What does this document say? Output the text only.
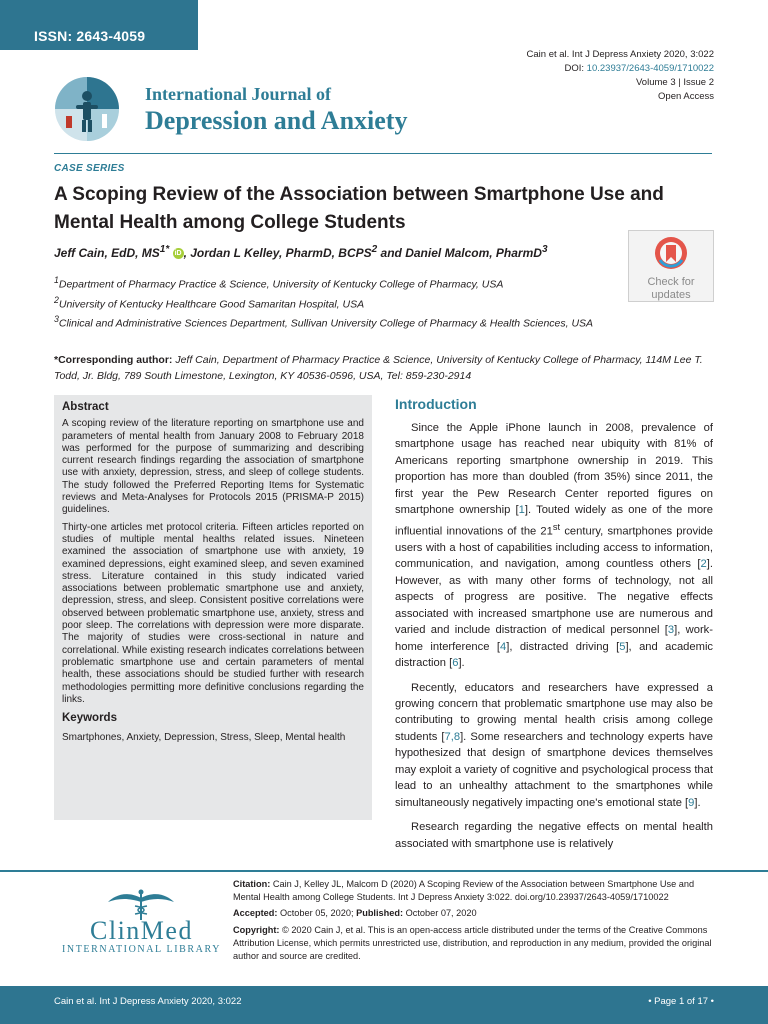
ISSN: 2643-4059
Cain et al. Int J Depress Anxiety 2020, 3:022
DOI: 10.23937/2643-4059/1710022
Volume 3 | Issue 2
Open Access
International Journal of
Depression and Anxiety
CASE SERIES
A Scoping Review of the Association between Smartphone Use and Mental Health among College Students
Jeff Cain, EdD, $MS^{1*}$ iD , Jordan L Kelley, PharmD, BCPS$^2$ and Daniel Malcom, PharmD$^3$
Check for
updates
$^1$Department of Pharmacy Practice & Science, University of Kentucky College of Pharmacy, USA
$^2$University of Kentucky Healthcare Good Samaritan Hospital, USA
$^3$Clinical and Administrative Sciences Department, Sullivan University College of Pharmacy & Health Sciences, USA
*Corresponding author: Jeff Cain, Department of Pharmacy Practice & Science, University of Kentucky College of Pharmacy, 114M Lee T. Todd, Jr. Bldg, 789 South Limestone, Lexington, KY 40536-0596, USA, Tel: 859-230-2914
Abstract

A scoping review of the literature reporting on smartphone use and parameters of mental health from January 2008 to February 2018 was performed for the purpose of summarizing and describing current research findings regarding the association of smartphone use with anxiety, depression, stress, and sleep of college students. The study followed the Preferred Reporting Items for Systematic reviews and Meta-Analyses for Protocols 2015 (PRISMA-P 2015) guidelines.

Thirty-one articles met protocol criteria. Fifteen articles reported on studies of multiple mental healths related issues. Nineteen examined the association of smartphone use with anxiety, 19 examined depressions, eight examined sleep, and seven examined stress. Literature contained in this study indicated varied associations between problematic smartphone use and anxiety, depression, stress, and sleep. Consistent positive correlations were observed between problematic smartphone use, anxiety, stress and poor sleep. The correlations with depression were more disparate. The majority of studies were cross-sectional in nature and correlational. While existing research indicates correlations between problematic smartphone use and certain parameters of mental health, these associations should be studied further with research methodologies permitting more definitive conclusions regarding the links.

Keywords

Smartphones, Anxiety, Depression, Stress, Sleep, Mental health

Introduction

Since the Apple iPhone launch in 2008, prevalence of smartphone usage has reached near ubiquity with 81% of Americans reporting smartphone ownership in 2019. This proportion has more than doubled (from 35%) since 2011, the first year the Pew Research Center reported figures on smartphone ownership [1]. Touted widely as one of the more influential innovations of the 21st century, smartphones provide users with a host of capabilities including access to information, communication, and navigation, among countless others [2]. However, as with many other forms of technology, not all aspects of progress are positive. The negative effects associated with increased smartphone use are numerous and varied and include distraction of medical personnel [3], work-home interference [4], distracted driving [5], and academic distraction [6].

Recently, educators and researchers have expressed a growing concern that problematic smartphone use may also be contributing to growing mental health crisis among college students [7,8]. Some researchers and technology experts have hypothesized that design of smartphone devices themselves may exploit a variety of cognitive and psychological process that lead to an unhealthy attachment to the smartphones while simultaneously negatively impacting one's emotional state [9].

Research regarding the negative effects on mental health associated with smartphone use is relatively

ClinMed
INTERNATIONAL LIBRARY

Citation: Cain J, Kelley JL, Malcom D (2020) A Scoping Review of the Association between Smartphone Use and Mental Health among College Students. Int J Depress Anxiety 3:022. doi.org/10.23937/2643-4059/1710022

Accepted: October 05, 2020; Published: October 07, 2020

Copyright: © 2020 Cain J, et al. This is an open-access article distributed under the terms of the Creative Commons Attribution License, which permits unrestricted use, distribution, and reproduction in any medium, provided the original author and source are credited.

Cain et al. Int J Depress Anxiety 2020, 3:022	• Page 1 of 17 •
